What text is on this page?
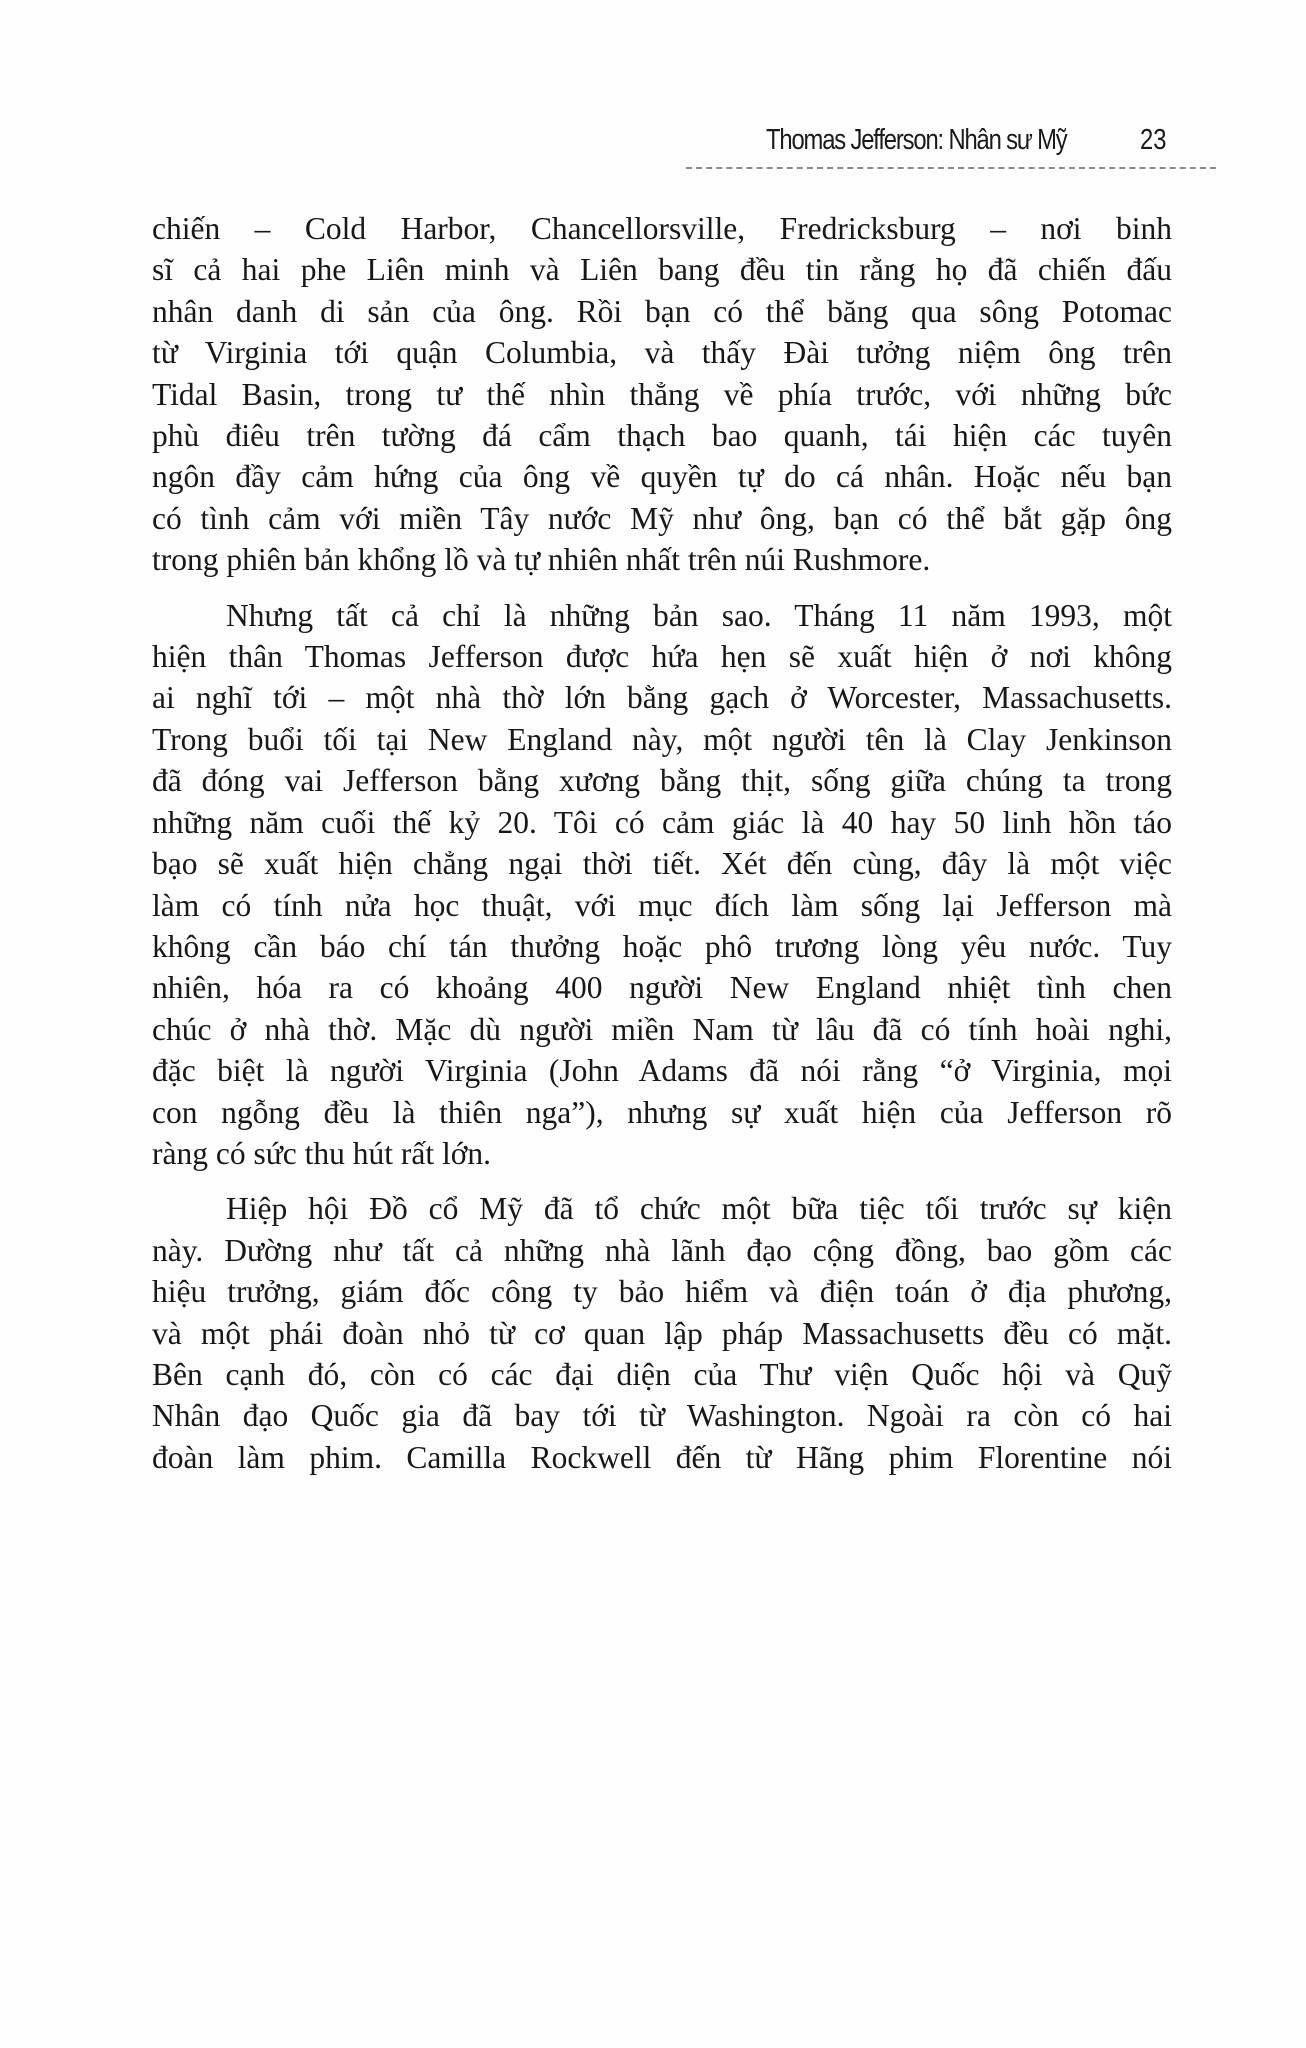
Thomas Jefferson: Nhân sư Mỹ	23
chiến – Cold Harbor, Chancellorsville, Fredricksburg – nơi binh
sĩ cả hai phe Liên minh và Liên bang đều tin rằng họ đã chiến đấu
nhân danh di sản của ông. Rồi bạn có thể băng qua sông Potomac
từ Virginia tới quận Columbia, và thấy Đài tưởng niệm ông trên
Tidal Basin, trong tư thế nhìn thẳng về phía trước, với những bức
phù điêu trên tường đá cẩm thạch bao quanh, tái hiện các tuyên
ngôn đầy cảm hứng của ông về quyền tự do cá nhân. Hoặc nếu bạn
có tình cảm với miền Tây nước Mỹ như ông, bạn có thể bắt gặp ông
trong phiên bản khổng lồ và tự nhiên nhất trên núi Rushmore.
Nhưng tất cả chỉ là những bản sao. Tháng 11 năm 1993, một
hiện thân Thomas Jefferson được hứa hẹn sẽ xuất hiện ở nơi không
ai nghĩ tới – một nhà thờ lớn bằng gạch ở Worcester, Massachusetts.
Trong buổi tối tại New England này, một người tên là Clay Jenkinson
đã đóng vai Jefferson bằng xương bằng thịt, sống giữa chúng ta trong
những năm cuối thế kỷ 20. Tôi có cảm giác là 40 hay 50 linh hồn táo
bạo sẽ xuất hiện chẳng ngại thời tiết. Xét đến cùng, đây là một việc
làm có tính nửa học thuật, với mục đích làm sống lại Jefferson mà
không cần báo chí tán thưởng hoặc phô trương lòng yêu nước. Tuy
nhiên, hóa ra có khoảng 400 người New England nhiệt tình chen
chúc ở nhà thờ. Mặc dù người miền Nam từ lâu đã có tính hoài nghi,
đặc biệt là người Virginia (John Adams đã nói rằng “ở Virginia, mọi
con ngỗng đều là thiên nga”), nhưng sự xuất hiện của Jefferson rõ
ràng có sức thu hút rất lớn.
Hiệp hội Đồ cổ Mỹ đã tổ chức một bữa tiệc tối trước sự kiện
này. Dường như tất cả những nhà lãnh đạo cộng đồng, bao gồm các
hiệu trưởng, giám đốc công ty bảo hiểm và điện toán ở địa phương,
và một phái đoàn nhỏ từ cơ quan lập pháp Massachusetts đều có mặt.
Bên cạnh đó, còn có các đại diện của Thư viện Quốc hội và Quỹ
Nhân đạo Quốc gia đã bay tới từ Washington. Ngoài ra còn có hai
đoàn làm phim. Camilla Rockwell đến từ Hãng phim Florentine nói
